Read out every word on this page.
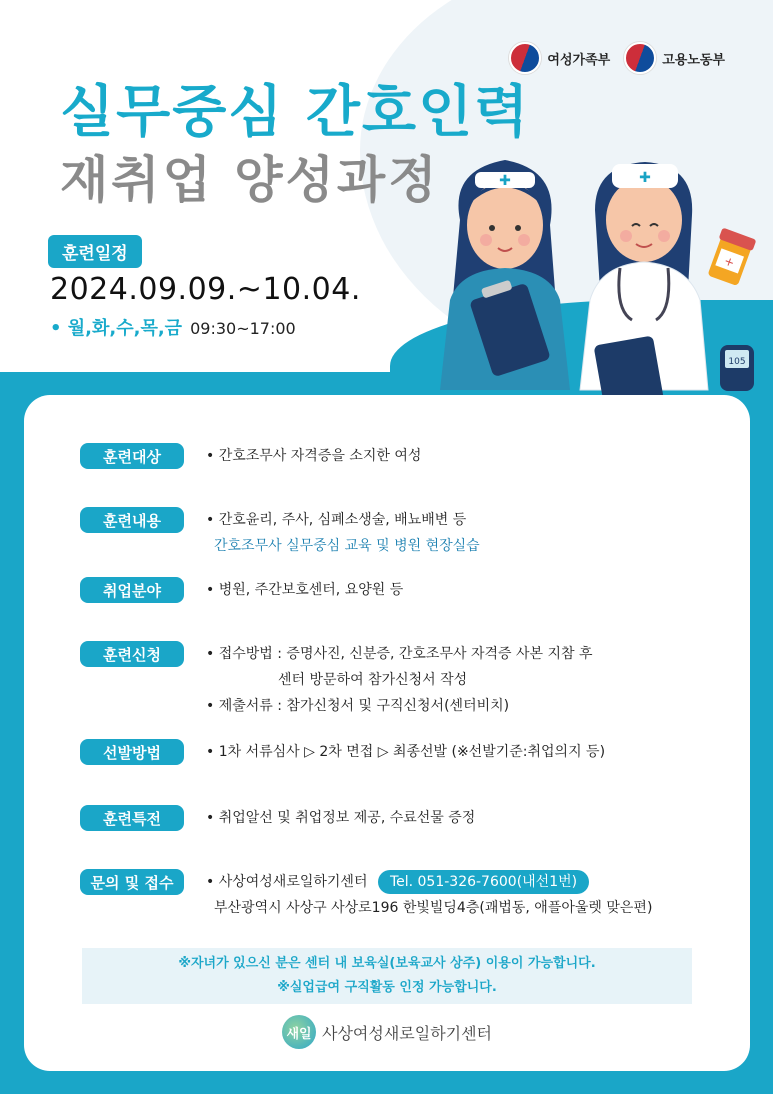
여성가족부	고용노동부
실무중심 간호인력
재취업 양성과정
훈련일정
2024.09.09.~10.04.
• 월,화,수,목,금 09:30~17:00
✚	✚
+
105
훈련대상	• 간호조무사 자격증을 소지한 여성
훈련내용	• 간호윤리, 주사, 심폐소생술, 배뇨배변 등
간호조무사 실무중심 교육 및 병원 현장실습
취업분야	• 병원, 주간보호센터, 요양원 등
훈련신청	• 접수방법 : 증명사진, 신분증, 간호조무사 자격증 사본 지참 후
센터 방문하여 참가신청서 작성
• 제출서류 : 참가신청서 및 구직신청서(센터비치)
선발방법	• 1차 서류심사 ▷ 2차 면접 ▷ 최종선발 (※선발기준:취업의지 등)
훈련특전	• 취업알선 및 취업정보 제공, 수료선물 증정
문의 및 접수	• 사상여성새로일하기센터 Tel. 051-326-7600(내선1번)
부산광역시 사상구 사상로196 한빛빌딩4층(괘법동, 애플아울렛 맞은편)
※자녀가 있으신 분은 센터 내 보육실(보육교사 상주) 이용이 가능합니다.
※실업급여 구직활동 인정 가능합니다.
새일 사상여성새로일하기센터
